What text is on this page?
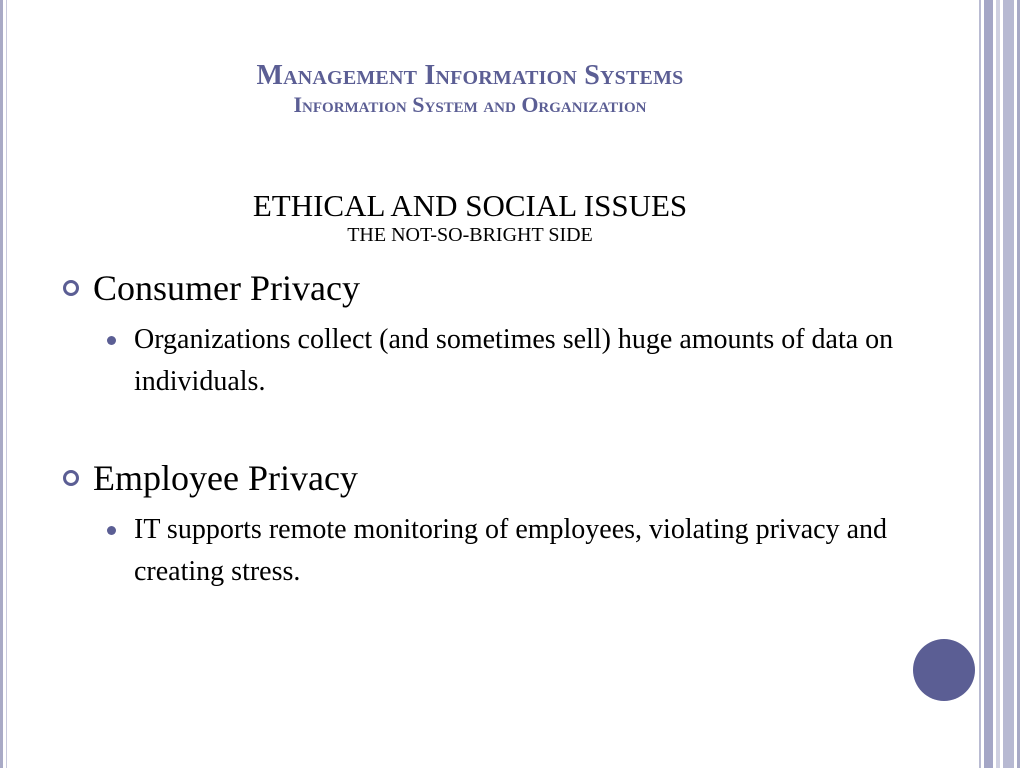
Management Information Systems
Information System and Organization
ETHICAL AND SOCIAL ISSUES
THE NOT-SO-BRIGHT SIDE
Consumer Privacy
Organizations collect (and sometimes sell) huge amounts of data on individuals.
Employee Privacy
IT supports remote monitoring of employees, violating privacy and creating stress.
